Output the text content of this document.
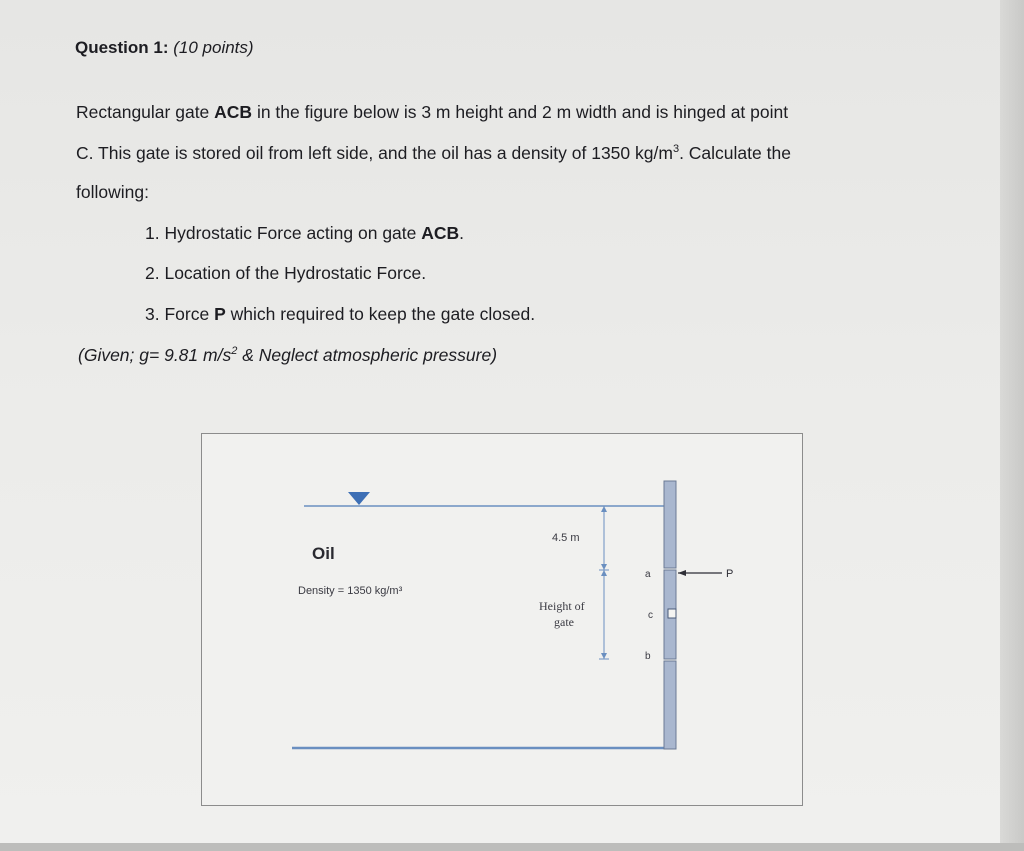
Question 1: (10 points)
Rectangular gate ACB in the figure below is 3 m height and 2 m width and is hinged at point
C. This gate is stored oil from left side, and the oil has a density of 1350 $kg/m^3$. Calculate the
following:
1. Hydrostatic Force acting on gate ACB.
2. Location of the Hydrostatic Force.
3. Force P which required to keep the gate closed.
(Given; g= 9.81 $m/s^2$ & Neglect atmospheric pressure)
Oil
Density = 1350 kg/m³
4.5 m
Height of
gate
a
c
b
P
